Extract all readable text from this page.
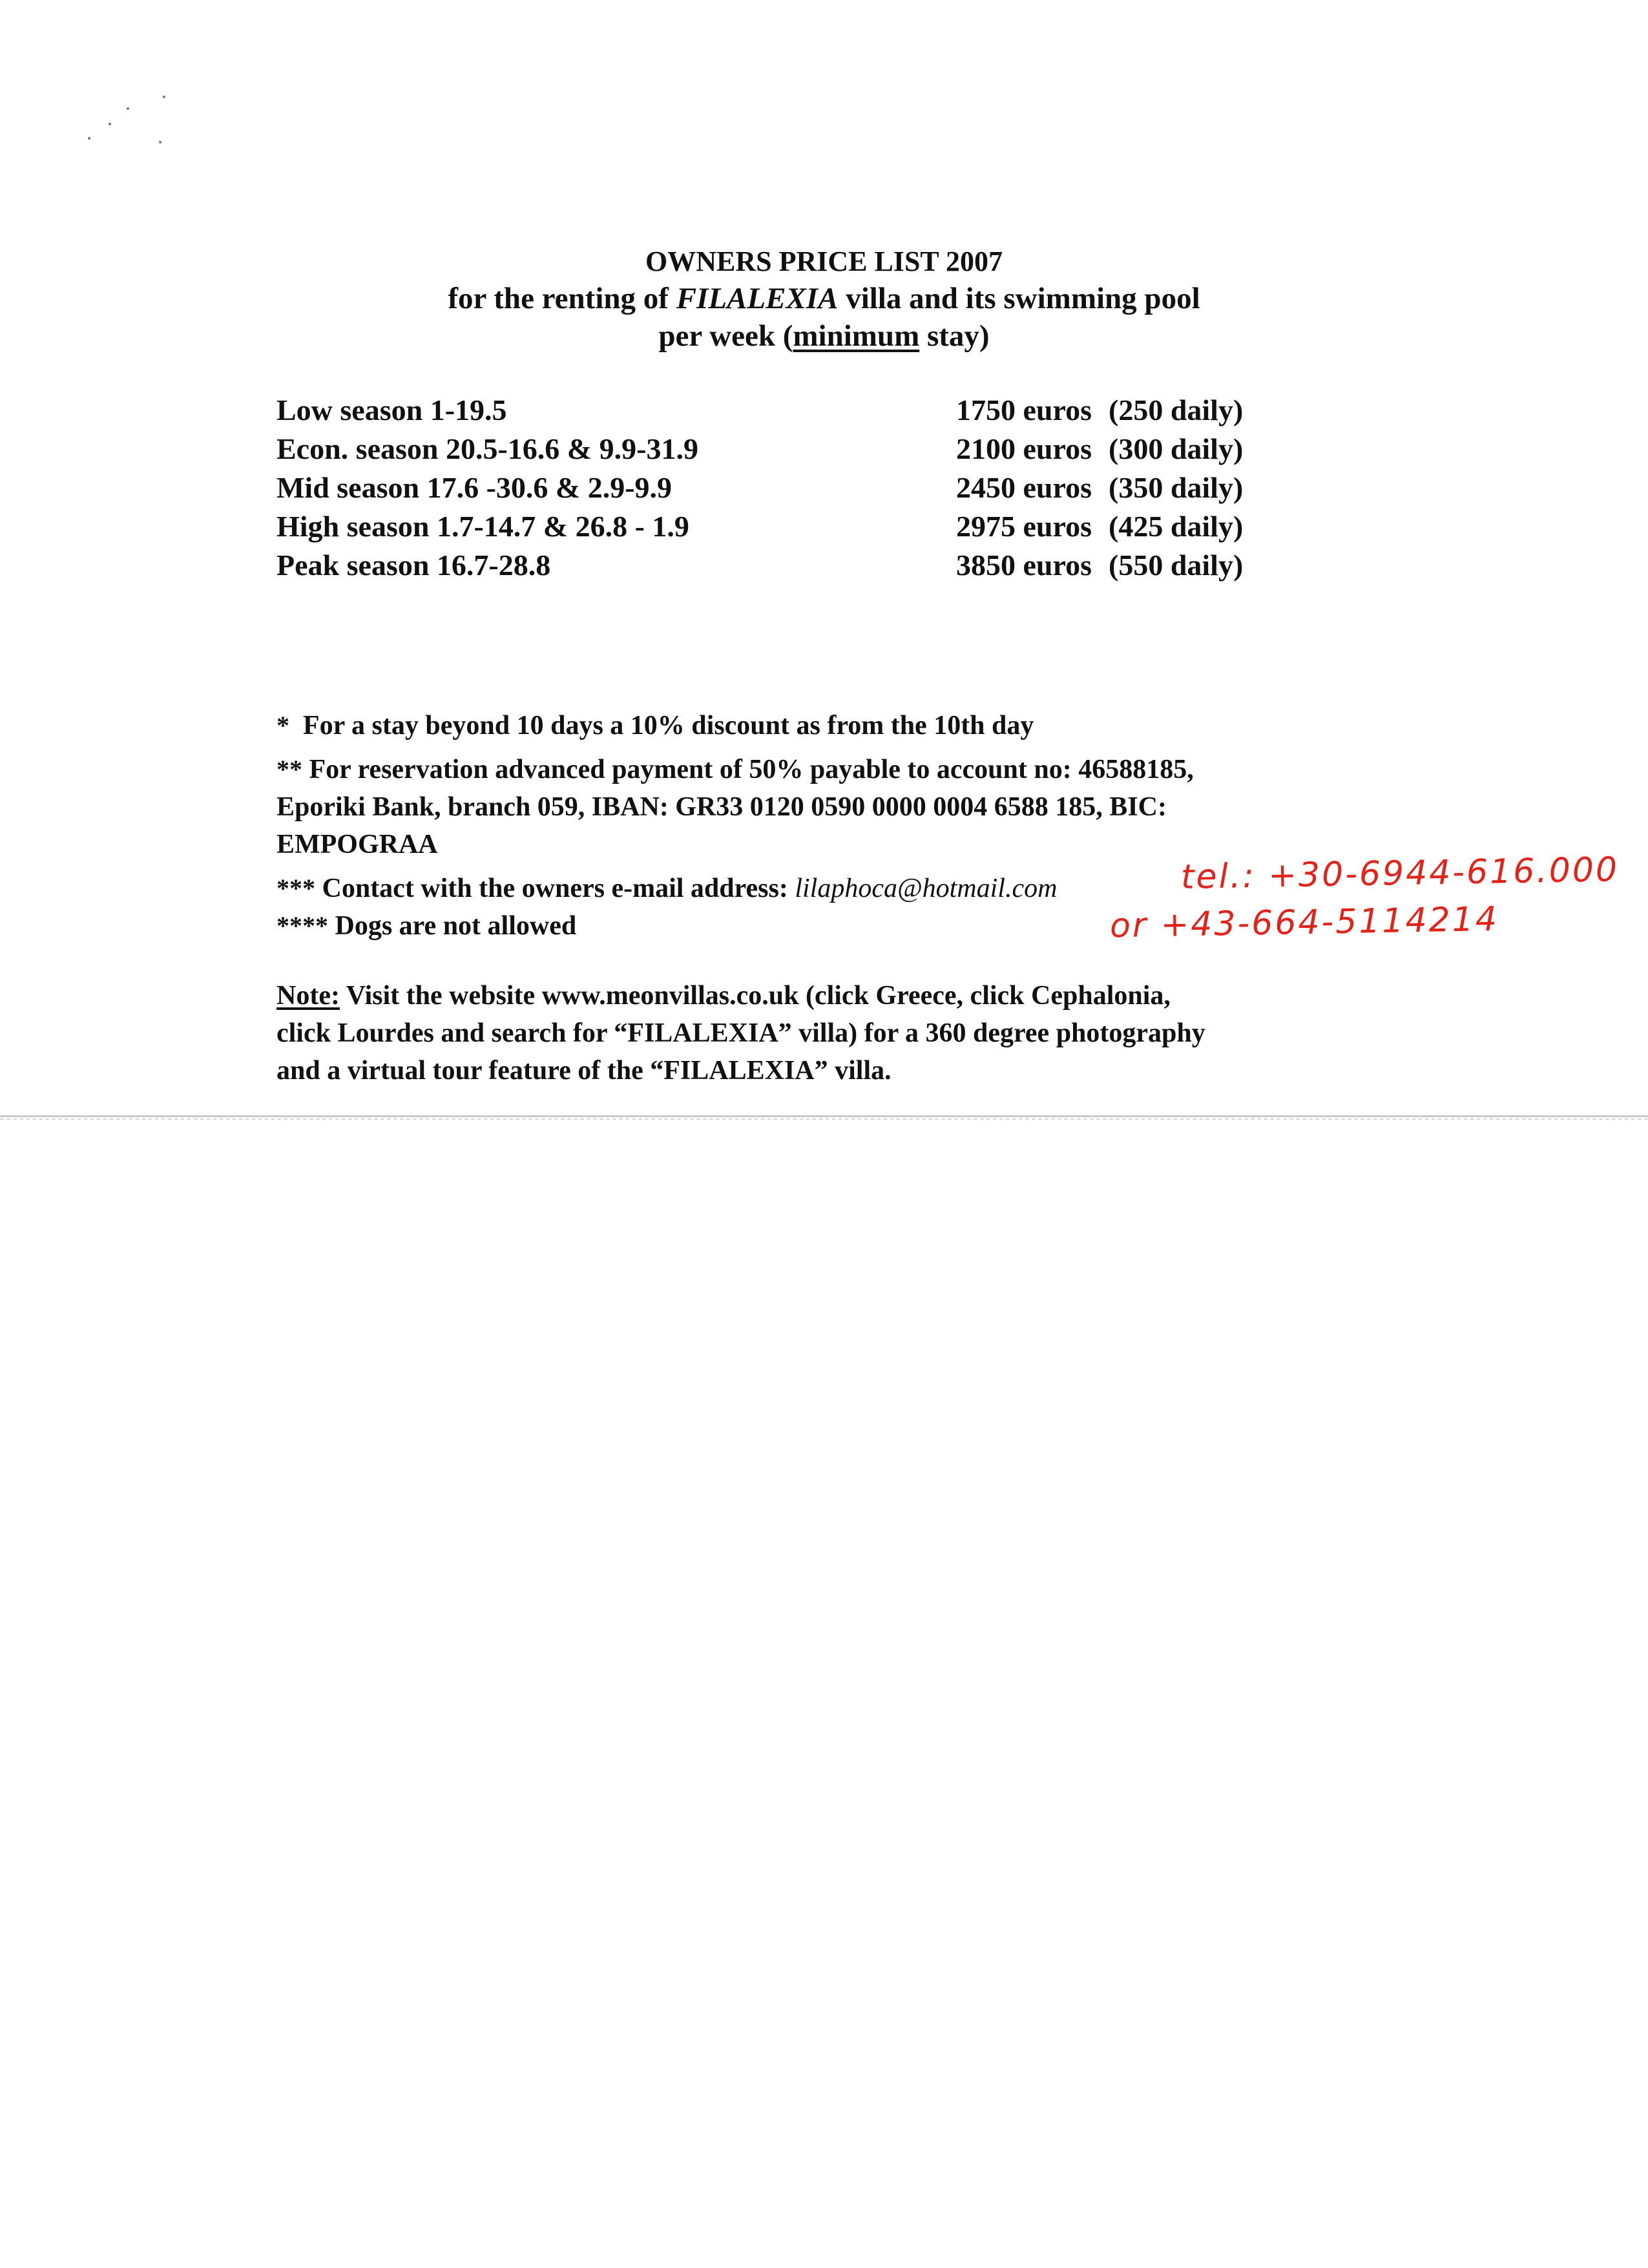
OWNERS PRICE LIST 2007
for the renting of FILALEXIA villa and its swimming pool
per week (minimum stay)
Low season 1-19.5	1750 euros (250 daily)
Econ. season 20.5-16.6 & 9.9-31.9	2100 euros (300 daily)
Mid season 17.6 -30.6 & 2.9-9.9	2450 euros (350 daily)
High season 1.7-14.7 & 26.8 - 1.9	2975 euros (425 daily)
Peak season 16.7-28.8	3850 euros (550 daily)

* For a stay beyond 10 days a 10% discount as from the 10th day

** For reservation advanced payment of 50% payable to account no: 46588185,

Eporiki Bank, branch 059, IBAN: GR33 0120 0590 0000 0004 6588 185, BIC:

EMPOGRAA

*** Contact with the owners e-mail address: lilaphoca@hotmail.com

**** Dogs are not allowed

tel.: +30-6944-616.000
or +43-664-5114214
Note: Visit the website www.meonvillas.co.uk (click Greece, click Cephalonia,
click Lourdes and search for “FILALEXIA” villa) for a 360 degree photography
and a virtual tour feature of the “FILALEXIA” villa.
